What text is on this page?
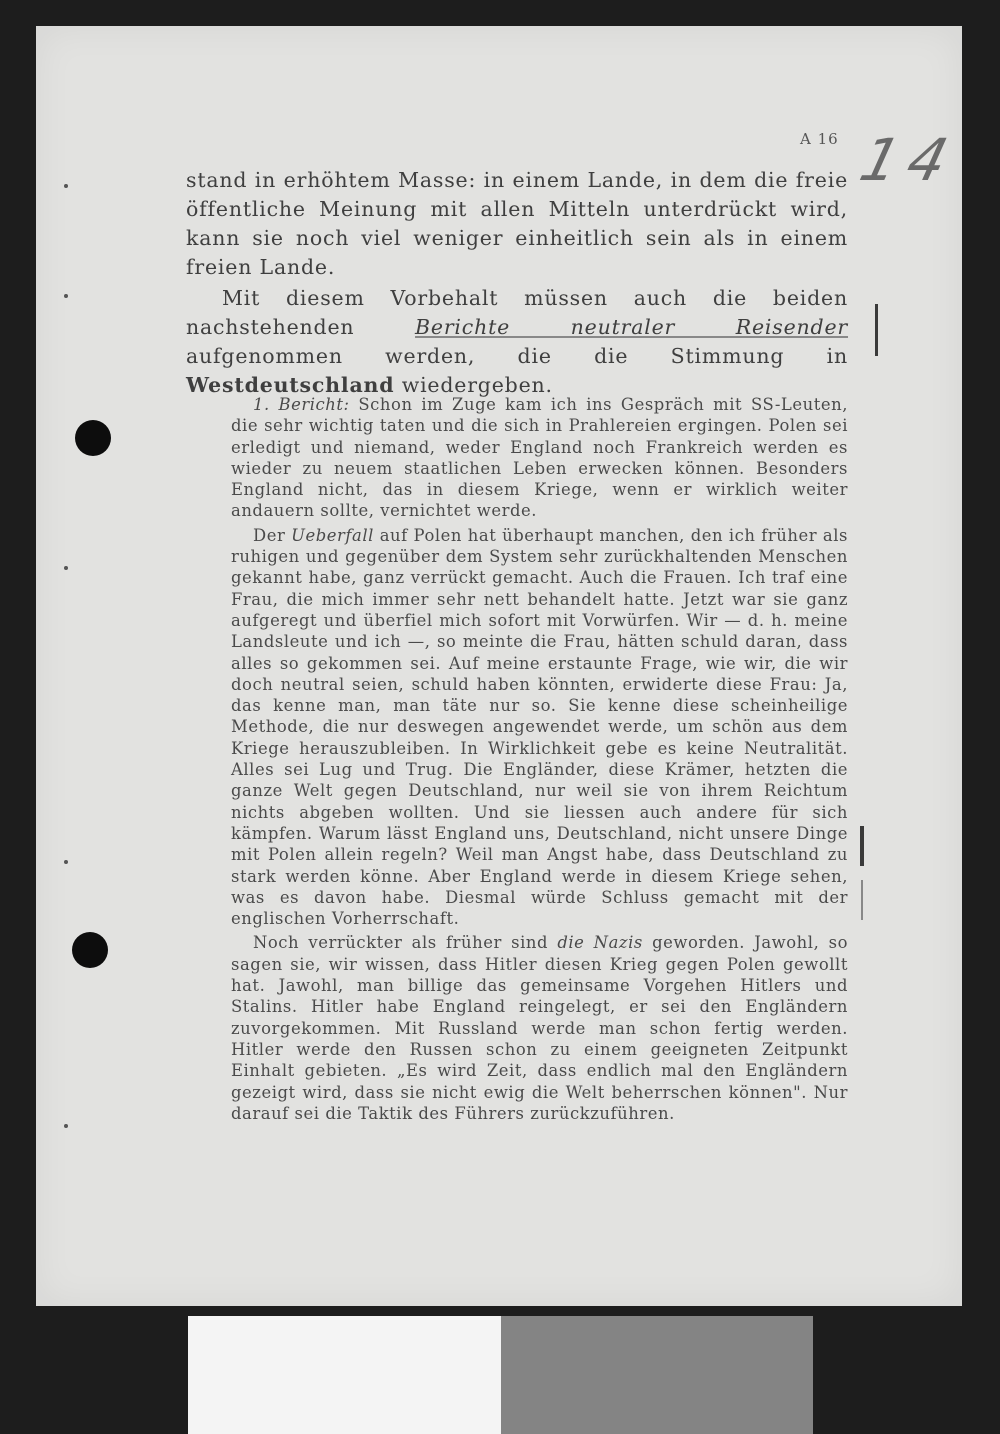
A 16 14

stand in erhöhtem Masse: in einem Lande, in dem die freie öffentliche Meinung mit allen Mitteln unterdrückt wird, kann sie noch viel weniger einheitlich sein als in einem freien Lande.

Mit diesem Vorbehalt müssen auch die beiden nachstehenden Berichte neutraler Reisender aufgenommen werden, die die Stimmung in Westdeutschland wiedergeben.

1. Bericht: Schon im Zuge kam ich ins Gespräch mit SS-Leuten, die sehr wichtig taten und die sich in Prahlereien ergingen. Polen sei erledigt und niemand, weder England noch Frankreich werden es wieder zu neuem staatlichen Leben erwecken können. Besonders England nicht, das in diesem Kriege, wenn er wirklich weiter andauern sollte, vernichtet werde.

Der Ueberfall auf Polen hat überhaupt manchen, den ich früher als ruhigen und gegenüber dem System sehr zurückhaltenden Menschen gekannt habe, ganz verrückt gemacht. Auch die Frauen. Ich traf eine Frau, die mich immer sehr nett behandelt hatte. Jetzt war sie ganz aufgeregt und überfiel mich sofort mit Vorwürfen. Wir — d. h. meine Landsleute und ich —, so meinte die Frau, hätten schuld daran, dass alles so gekommen sei. Auf meine erstaunte Frage, wie wir, die wir doch neutral seien, schuld haben könnten, erwiderte diese Frau: Ja, das kenne man, man täte nur so. Sie kenne diese scheinheilige Methode, die nur deswegen angewendet werde, um schön aus dem Kriege herauszubleiben. In Wirklichkeit gebe es keine Neutralität. Alles sei Lug und Trug. Die Engländer, diese Krämer, hetzten die ganze Welt gegen Deutschland, nur weil sie von ihrem Reichtum nichts abgeben wollten. Und sie liessen auch andere für sich kämpfen. Warum lässt England uns, Deutschland, nicht unsere Dinge mit Polen allein regeln? Weil man Angst habe, dass Deutschland zu stark werden könne. Aber England werde in diesem Kriege sehen, was es davon habe. Diesmal würde Schluss gemacht mit der englischen Vorherrschaft.

Noch verrückter als früher sind die Nazis geworden. Jawohl, so sagen sie, wir wissen, dass Hitler diesen Krieg gegen Polen gewollt hat. Jawohl, man billige das gemeinsame Vorgehen Hitlers und Stalins. Hitler habe England reingelegt, er sei den Engländern zuvorgekommen. Mit Russland werde man schon fertig werden. Hitler werde den Russen schon zu einem geeigneten Zeitpunkt Einhalt gebieten. „Es wird Zeit, dass endlich mal den Engländern gezeigt wird, dass sie nicht ewig die Welt beherrschen können". Nur darauf sei die Taktik des Führers zurückzuführen.
